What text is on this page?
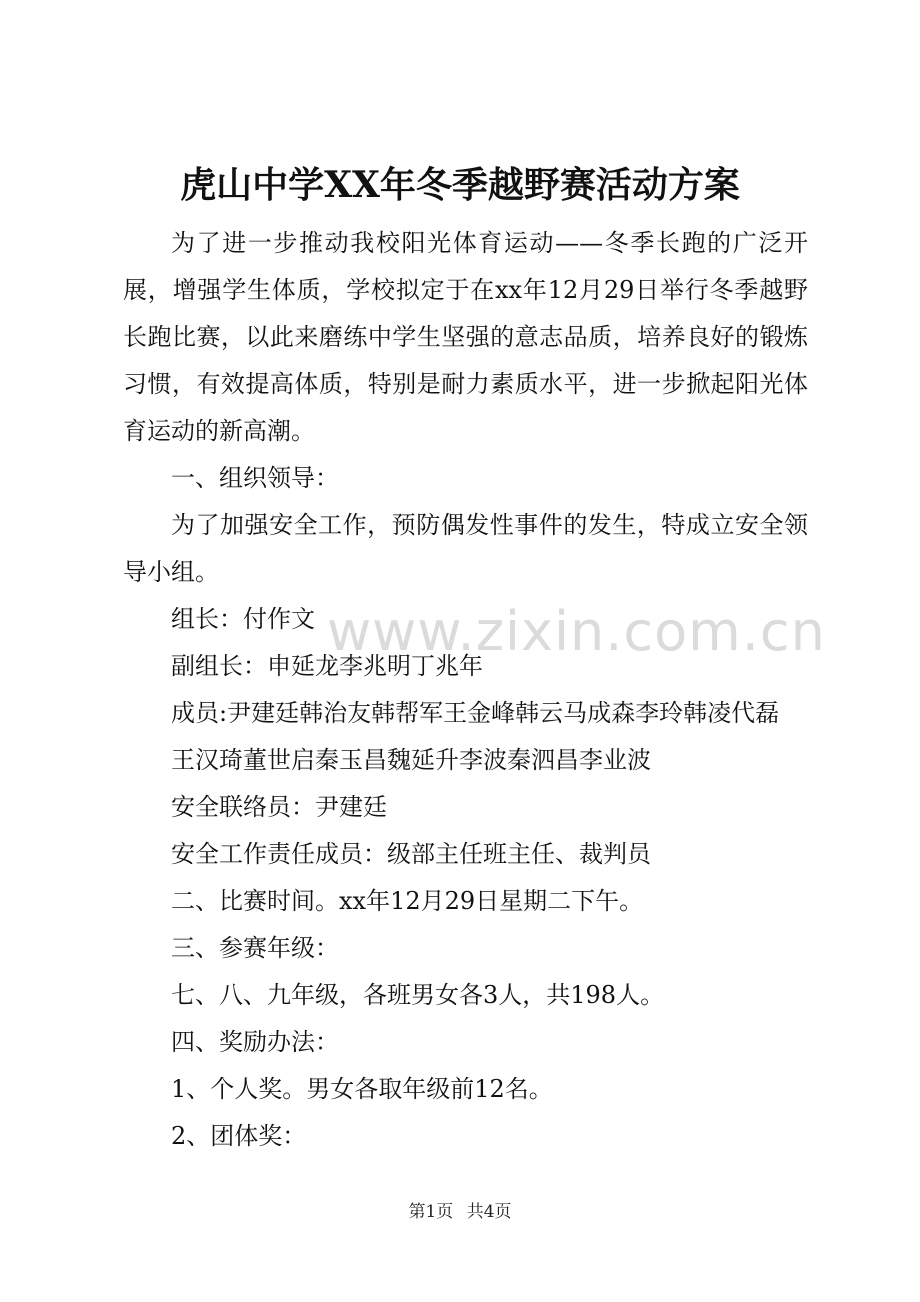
虎山中学XX年冬季越野赛活动方案

为了进一步推动我校阳光体育运动——冬季长跑的广泛开展，增强学生体质，学校拟定于在xx年12月29日举行冬季越野长跑比赛，以此来磨练中学生坚强的意志品质，培养良好的锻炼习惯，有效提高体质，特别是耐力素质水平，进一步掀起阳光体育运动的新高潮。

一、组织领导：

为了加强安全工作，预防偶发性事件的发生，特成立安全领导小组。

组长：付作文

副组长：申延龙李兆明丁兆年

成员:尹建廷韩治友韩帮军王金峰韩云马成森李玲韩凌代磊

王汉琦董世启秦玉昌魏延升李波秦泗昌李业波

安全联络员：尹建廷

安全工作责任成员：级部主任班主任、裁判员

二、比赛时间。xx年12月29日星期二下午。

三、参赛年级：

七、八、九年级，各班男女各3人，共198人。

四、奖励办法：

1、个人奖。男女各取年级前12名。

2、团体奖：

www.zixin.com.cn
第1页 共4页
